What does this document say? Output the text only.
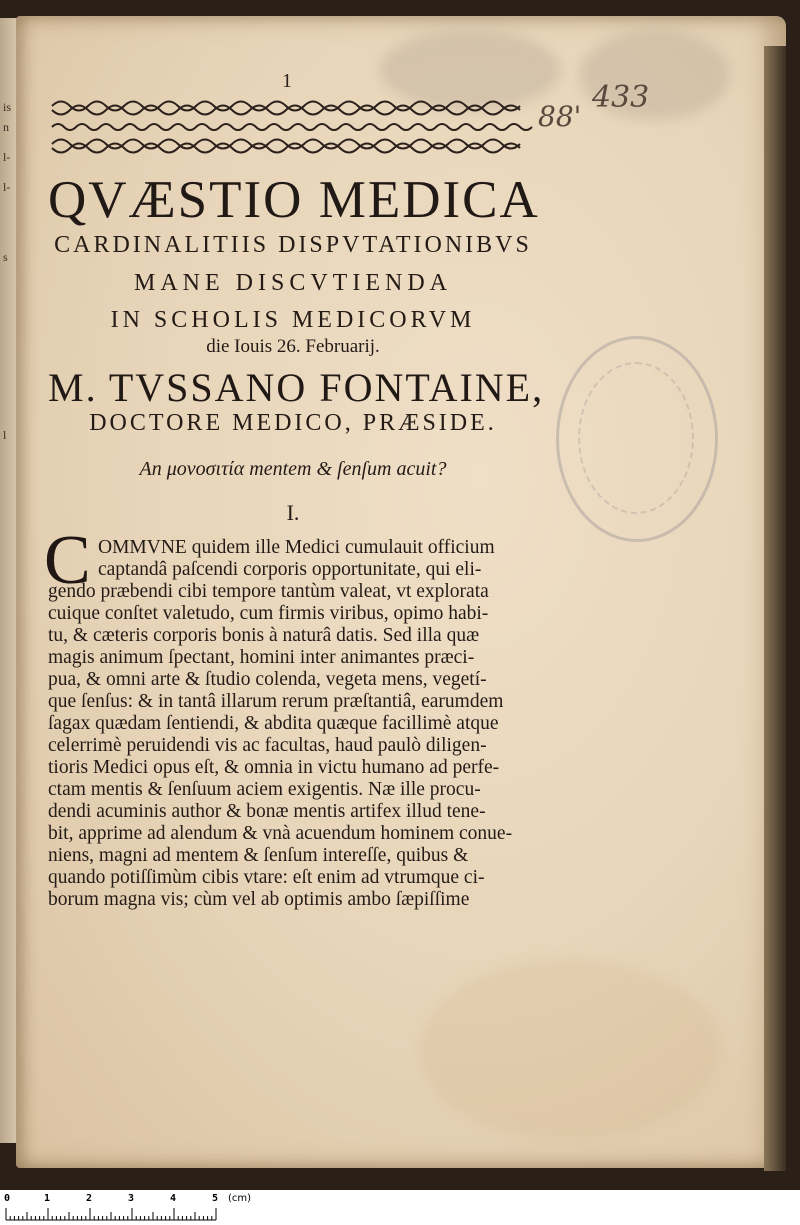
is
n
l-
l-
s
l
1
88'
433
QVÆSTIO MEDICA
CARDINALITIIS DISPVTATIONIBVS
MANE DISCVTIENDA
IN SCHOLIS MEDICORVM
die Iouis 26. Februarij.
M. TVSSANO FONTAINE,
DOCTORE MEDICO, PRÆSIDE.
An μονοσιτία mentem & ſenſum acuit?
I.
C OMMVNE quidem ille Medici cumulauit officium
captandâ paſcendi corporis opportunitate, qui eli-
gendo præbendi cibi tempore tantùm valeat, vt explorata
cuique conſtet valetudo, cum firmis viribus, opimo habi-
tu, & cæteris corporis bonis à naturâ datis. Sed illa quæ
magis animum ſpectant, homini inter animantes præci-
pua, & omni arte & ſtudio colenda, vegeta mens, vegetí-
que ſenſus: & in tantâ illarum rerum præſtantiâ, earumdem
ſagax quædam ſentiendi, & abdita quæque facillimè atque
celerrimè peruidendi vis ac facultas, haud paulò diligen-
tioris Medici opus eſt, & omnia in victu humano ad perfe-
ctam mentis & ſenſuum aciem exigentis. Næ ille procu-
dendi acuminis author & bonæ mentis artifex illud tene-
bit, apprime ad alendum & vnà acuendum hominem conue-
niens, magni ad mentem & ſenſum intereſſe, quibus &
quando potiſſimùm cibis vtare: eſt enim ad vtrumque ci-
borum magna vis; cùm vel ab optimis ambo ſæpiſſime
0	1	2	3	4	5 (cm)
